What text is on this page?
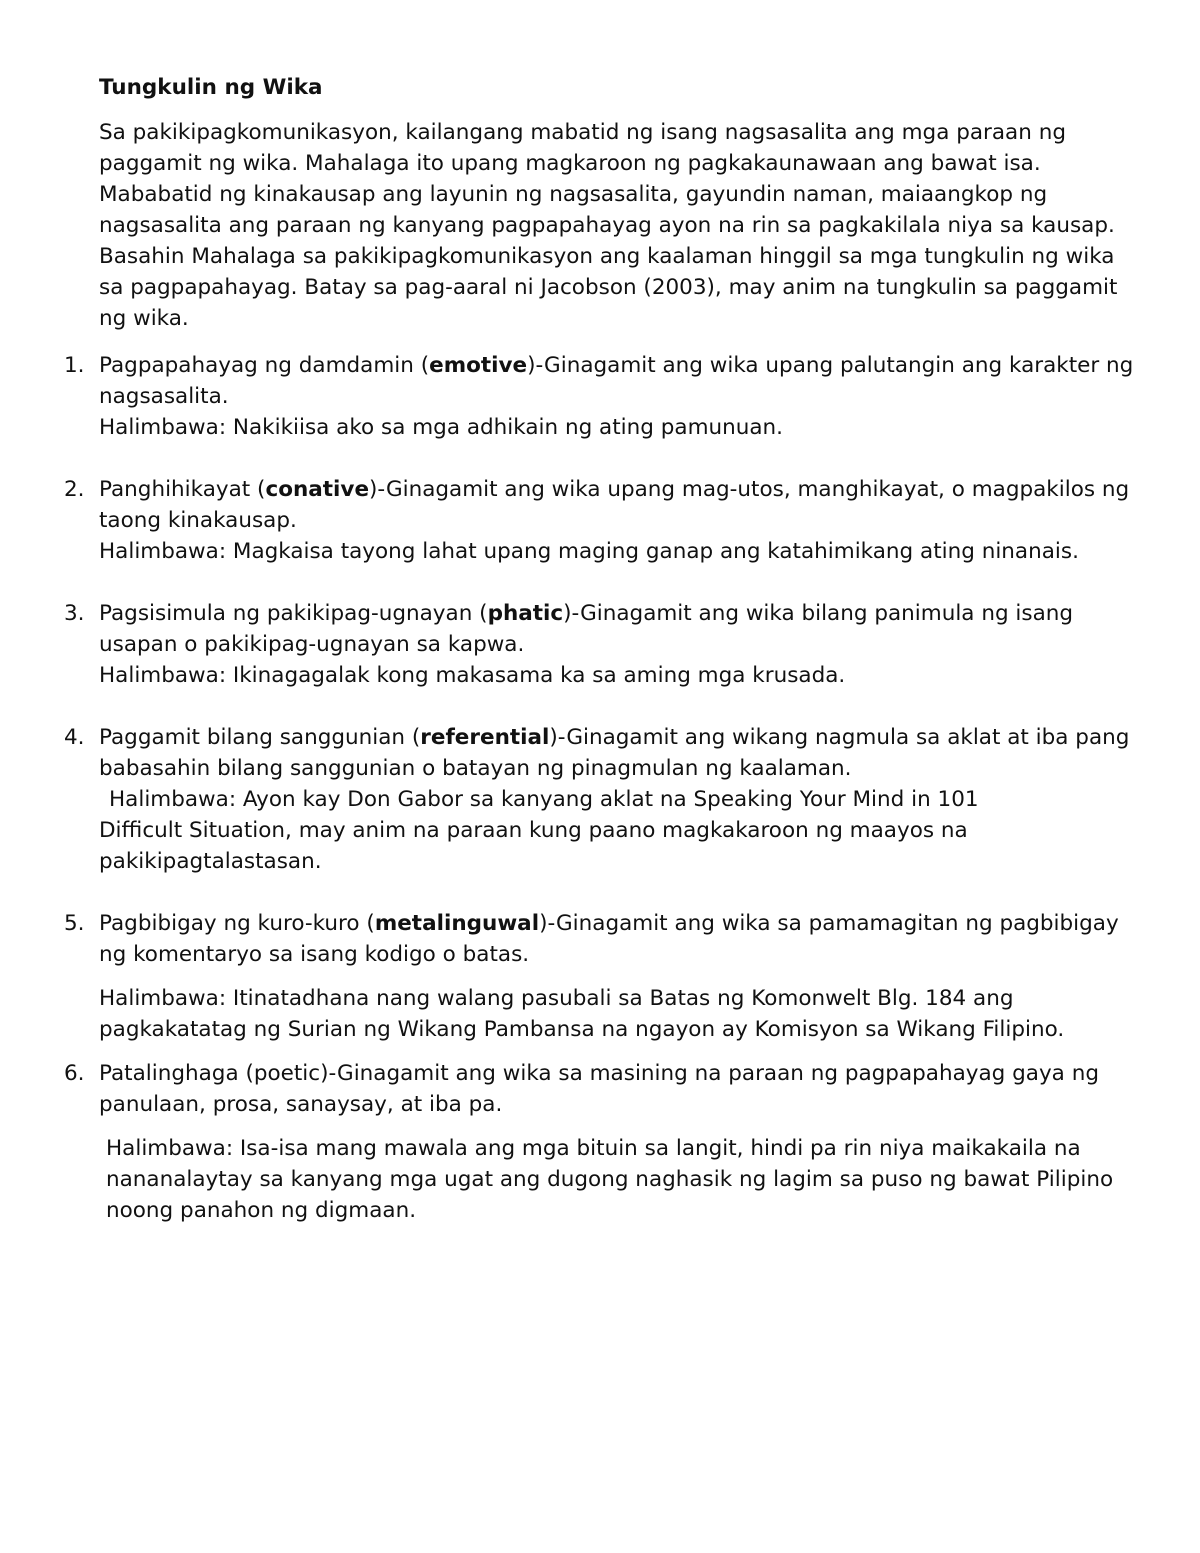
Tungkulin ng Wika

Sa pakikipagkomunikasyon, kailangang mabatid ng isang nagsasalita ang mga paraan ng paggamit ng wika. Mahalaga ito upang magkaroon ng pagkakaunawaan ang bawat isa. Mababatid ng kinakausap ang layunin ng nagsasalita, gayundin naman, maiaangkop ng nagsasalita ang paraan ng kanyang pagpapahayag ayon na rin sa pagkakilala niya sa kausap. Basahin Mahalaga sa pakikipagkomunikasyon ang kaalaman hinggil sa mga tungkulin ng wika sa pagpapahayag. Batay sa pag-aaral ni Jacobson (2003), may anim na tungkulin sa paggamit ng wika.

1. Pagpapahayag ng damdamin (emotive)-Ginagamit ang wika upang palutangin ang karakter ng nagsasalita.

Halimbawa: Nakikiisa ako sa mga adhikain ng ating pamunuan.

2. Panghihikayat (conative)-Ginagamit ang wika upang mag-utos, manghikayat, o magpakilos ng taong kinakausap.

Halimbawa: Magkaisa tayong lahat upang maging ganap ang katahimikang ating ninanais.

3. Pagsisimula ng pakikipag-ugnayan (phatic)-Ginagamit ang wika bilang panimula ng isang usapan o pakikipag-ugnayan sa kapwa.

Halimbawa: Ikinagagalak kong makasama ka sa aming mga krusada.

4. Paggamit bilang sanggunian (referential)-Ginagamit ang wikang nagmula sa aklat at iba pang babasahin bilang sanggunian o batayan ng pinagmulan ng kaalaman.

Halimbawa: Ayon kay Don Gabor sa kanyang aklat na Speaking Your Mind in 101

Difficult Situation, may anim na paraan kung paano magkakaroon ng maayos na pakikipagtalastasan.

5. Pagbibigay ng kuro-kuro (metalinguwal)-Ginagamit ang wika sa pamamagitan ng pagbibigay ng komentaryo sa isang kodigo o batas.

Halimbawa: Itinatadhana nang walang pasubali sa Batas ng Komonwelt Blg. 184 ang pagkakatatag ng Surian ng Wikang Pambansa na ngayon ay Komisyon sa Wikang Filipino.

6. Patalinghaga (poetic)-Ginagamit ang wika sa masining na paraan ng pagpapahayag gaya ng panulaan, prosa, sanaysay, at iba pa.

Halimbawa: Isa-isa mang mawala ang mga bituin sa langit, hindi pa rin niya maikakaila na nananalaytay sa kanyang mga ugat ang dugong naghasik ng lagim sa puso ng bawat Pilipino noong panahon ng digmaan.
